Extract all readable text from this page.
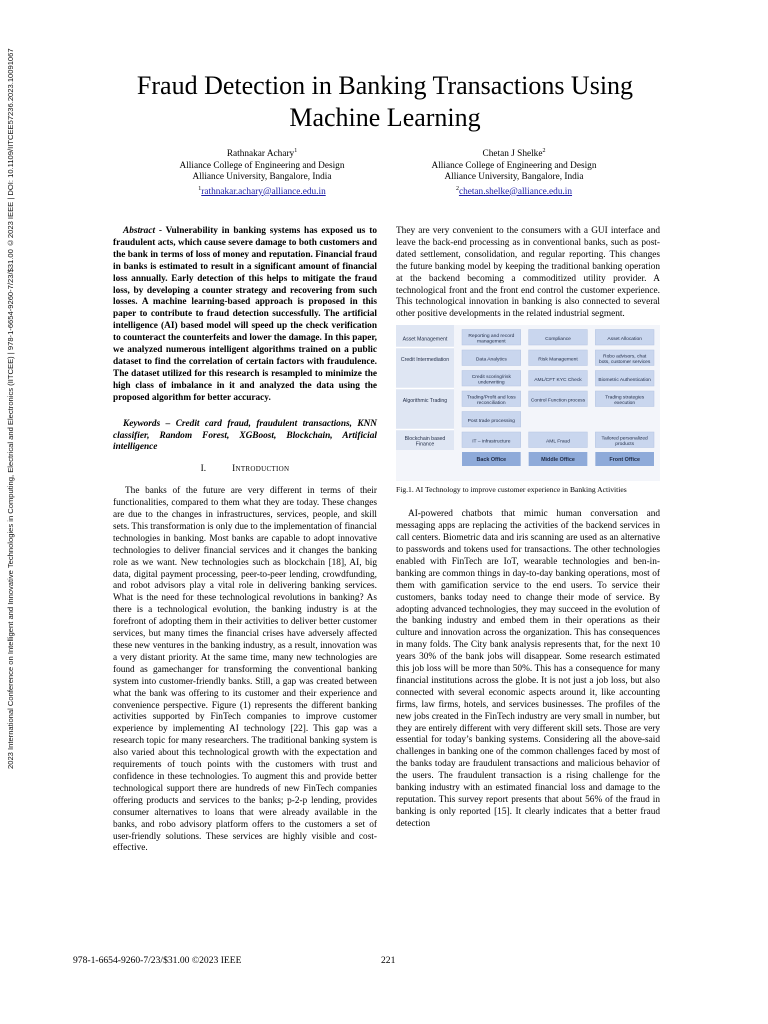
2023 International Conference on Intelligent and Innovative Technologies in Computing, Electrical and Electronics (IITCEE) | 978-1-6654-9260-7/23/$31.00 ©2023 IEEE | DOI: 10.1109/IITCEE57236.2023.10091067	Fraud Detection in Banking Transactions Using Machine Learning
Rathnakar Achary$^1$
Alliance College of Engineering and Design
Alliance University, Bangalore, India
$^1$rathnakar.achary@alliance.edu.in
Chetan J Shelke$^2$
Alliance College of Engineering and Design
Alliance University, Bangalore, India
$^2$chetan.shelke@alliance.edu.in

Abstract - Vulnerability in banking systems has exposed us to fraudulent acts, which cause severe damage to both customers and the bank in terms of loss of money and reputation. Financial fraud in banks is estimated to result in a significant amount of financial loss annually. Early detection of this helps to mitigate the fraud loss, by developing a counter strategy and recovering from such losses. A machine learning-based approach is proposed in this paper to contribute to fraud detection successfully. The artificial intelligence (AI) based model will speed up the check verification to counteract the counterfeits and lower the damage. In this paper, we analyzed numerous intelligent algorithms trained on a public dataset to find the correlation of certain factors with fraudulence. The dataset utilized for this research is resampled to minimize the high class of imbalance in it and analyzed the data using the proposed algorithm for better accuracy.

Keywords – Credit card fraud, fraudulent transactions, KNN classifier, Random Forest, XGBoost, Blockchain, Artificial intelligence

I.	Introduction

The banks of the future are very different in terms of their functionalities, compared to them what they are today. These changes are due to the changes in infrastructures, services, people, and skill sets. This transformation is only due to the implementation of financial technologies in banking. Most banks are capable to adopt innovative technologies to deliver financial services and it changes the banking role as we want. New technologies such as blockchain [18], AI, big data, digital payment processing, peer-to-peer lending, crowdfunding, and robot advisors play a vital role in delivering banking services. What is the need for these technological revolutions in banking? As there is a technological evolution, the banking industry is at the forefront of adopting them in their activities to deliver better customer services, but many times the financial crises have adversely affected these new ventures in the banking industry, as a result, innovation was a very distant priority. At the same time, many new technologies are found as gamechanger for transforming the conventional banking system into customer-friendly banks. Still, a gap was created between what the bank was offering to its customer and their experience and convenience perspective. Figure (1) represents the different banking activities supported by FinTech companies to improve customer experience by implementing AI technology [22]. This gap was a research topic for many researchers. The traditional banking system is also varied about this technological growth with the expectation and requirements of touch points with the customers with trust and confidence in these technologies. To augment this and provide better technological support there are hundreds of new FinTech companies offering products and services to the banks; p-2-p lending, provides consumer alternatives to loans that were already available in the banks, and robo advisory platform offers to the customers a set of user-friendly solutions. These services are highly visible and cost-effective.

They are very convenient to the consumers with a GUI interface and leave the back-end processing as in conventional banks, such as post-dated settlement, consolidation, and regular reporting. This changes the future banking model by keeping the traditional banking operation at the backend becoming a commoditized utility provider. A technological front and the front end control the customer experience. This technological innovation in banking is also connected to several other positive developments in the related industrial segment.

Asset Management	Reporting and record management
Compliance	Asset Allocation
Credit Intermediation	Data Analytics	Risk Management
Robo advisors, chat bots, customer services
Credit scoring/risk underwriting
AML/CFT KYC Check	Biometric Authentication
Algorithmic Trading	Trading/Profit and loss reconciliation
Control Function process
Trading strategies execution
Post trade processing
Blockchain based Finance	IT – infrastructure	AML Fraud
Tailored personalized products
Back Office	Middle Office	Front Office

Fig.1. AI Technology to improve customer experience in Banking Activities

AI-powered chatbots that mimic human conversation and messaging apps are replacing the activities of the backend services in call centers. Biometric data and iris scanning are used as an alternative to passwords and tokens used for transactions. The other technologies enabled with FinTech are IoT, wearable technologies and ben-in-banking are common things in day-to-day banking operations, most of them with gamification service to the end users. To service their customers, banks today need to change their mode of service. By adopting advanced technologies, they may succeed in the evolution of the banking industry and embed them in their operations as their culture and innovation across the organization. This has consequences in many folds. The City bank analysis represents that, for the next 10 years 30% of the bank jobs will disappear. Some research estimated this job loss will be more than 50%. This has a consequence for many financial institutions across the globe. It is not just a job loss, but also connected with several economic aspects around it, like accounting firms, law firms, hotels, and services businesses. The profiles of the new jobs created in the FinTech industry are very small in number, but they are entirely different with very different skill sets. Those are very essential for today’s banking systems. Considering all the above-said challenges in banking one of the common challenges faced by most of the banks today are fraudulent transactions and malicious behavior of the users. The fraudulent transaction is a rising challenge for the banking industry with an estimated financial loss and damage to the reputation. This survey report presents that about 56% of the fraud in banking is only reported [15]. It clearly indicates that a better fraud detection

978-1-6654-9260-7/23/$31.00 ©2023 IEEE	221
